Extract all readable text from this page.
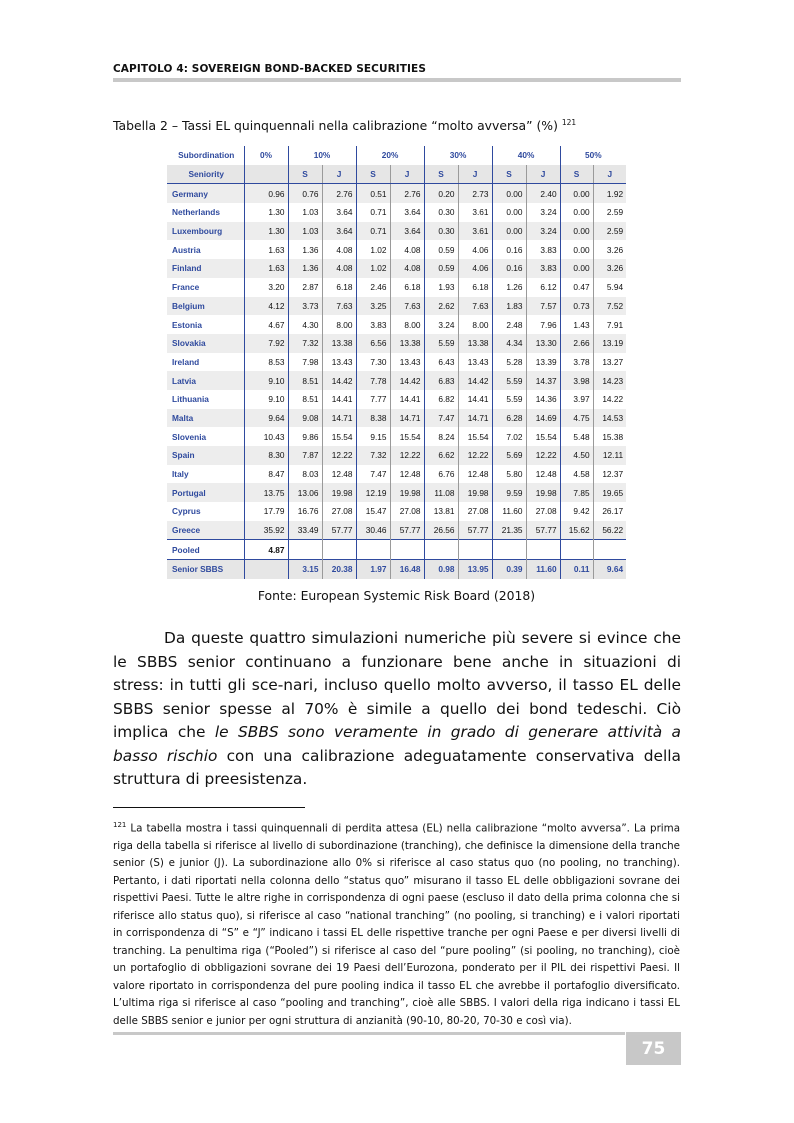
CAPITOLO 4: SOVEREIGN BOND-BACKED SECURITIES
Tabella 2 – Tassi EL quinquennali nella calibrazione “molto avversa” (%) $^{121}$
Subordination	0%	10%		20%		30%		40%		50%	
Seniority		S	J	S	J	S	J	S	J	S	J
Germany	0.96	0.76	2.76	0.51	2.76	0.20	2.73	0.00	2.40	0.00	1.92
Netherlands	1.30	1.03	3.64	0.71	3.64	0.30	3.61	0.00	3.24	0.00	2.59
Luxembourg	1.30	1.03	3.64	0.71	3.64	0.30	3.61	0.00	3.24	0.00	2.59
Austria	1.63	1.36	4.08	1.02	4.08	0.59	4.06	0.16	3.83	0.00	3.26
Finland	1.63	1.36	4.08	1.02	4.08	0.59	4.06	0.16	3.83	0.00	3.26
France	3.20	2.87	6.18	2.46	6.18	1.93	6.18	1.26	6.12	0.47	5.94
Belgium	4.12	3.73	7.63	3.25	7.63	2.62	7.63	1.83	7.57	0.73	7.52
Estonia	4.67	4.30	8.00	3.83	8.00	3.24	8.00	2.48	7.96	1.43	7.91
Slovakia	7.92	7.32	13.38	6.56	13.38	5.59	13.38	4.34	13.30	2.66	13.19
Ireland	8.53	7.98	13.43	7.30	13.43	6.43	13.43	5.28	13.39	3.78	13.27
Latvia	9.10	8.51	14.42	7.78	14.42	6.83	14.42	5.59	14.37	3.98	14.23
Lithuania	9.10	8.51	14.41	7.77	14.41	6.82	14.41	5.59	14.36	3.97	14.22
Malta	9.64	9.08	14.71	8.38	14.71	7.47	14.71	6.28	14.69	4.75	14.53
Slovenia	10.43	9.86	15.54	9.15	15.54	8.24	15.54	7.02	15.54	5.48	15.38
Spain	8.30	7.87	12.22	7.32	12.22	6.62	12.22	5.69	12.22	4.50	12.11
Italy	8.47	8.03	12.48	7.47	12.48	6.76	12.48	5.80	12.48	4.58	12.37
Portugal	13.75	13.06	19.98	12.19	19.98	11.08	19.98	9.59	19.98	7.85	19.65
Cyprus	17.79	16.76	27.08	15.47	27.08	13.81	27.08	11.60	27.08	9.42	26.17
Greece	35.92	33.49	57.77	30.46	57.77	26.56	57.77	21.35	57.77	15.62	56.22
Pooled	4.87										
Senior SBBS		3.15	20.38	1.97	16.48	0.98	13.95	0.39	11.60	0.11	9.64
Fonte: European Systemic Risk Board (2018)

Da queste quattro simulazioni numeriche più severe si evince che le SBBS senior continuano a funzionare bene anche in situazioni di stress: in tutti gli sce-nari, incluso quello molto avverso, il tasso EL delle SBBS senior spesse al 70% è simile a quello dei bond tedeschi. Ciò implica che le SBBS sono veramente in grado di generare attività a basso rischio con una calibrazione adeguatamente conservativa della struttura di preesistenza.

$^{121}$ La tabella mostra i tassi quinquennali di perdita attesa (EL) nella calibrazione “molto avversa”. La prima riga della tabella si riferisce al livello di subordinazione (tranching), che definisce la dimensione della tranche senior (S) e junior (J). La subordinazione allo 0% si riferisce al caso status quo (no pooling, no tranching). Pertanto, i dati riportati nella colonna dello “status quo” misurano il tasso EL delle obbligazioni sovrane dei rispettivi Paesi. Tutte le altre righe in corrispondenza di ogni paese (escluso il dato della prima colonna che si riferisce allo status quo), si riferisce al caso “national tranching” (no pooling, si tranching) e i valori riportati in corrispondenza di “S” e “J” indicano i tassi EL delle rispettive tranche per ogni Paese e per diversi livelli di tranching. La penultima riga (“Pooled”) si riferisce al caso del “pure pooling” (si pooling, no tranching), cioè un portafoglio di obbligazioni sovrane dei 19 Paesi dell’Eurozona, ponderato per il PIL dei rispettivi Paesi. Il valore riportato in corrispondenza del pure pooling indica il tasso EL che avrebbe il portafoglio diversificato. L’ultima riga si riferisce al caso “pooling and tranching”, cioè alle SBBS. I valori della riga indicano i tassi EL delle SBBS senior e junior per ogni struttura di anzianità (90-10, 80-20, 70-30 e così via).

75
